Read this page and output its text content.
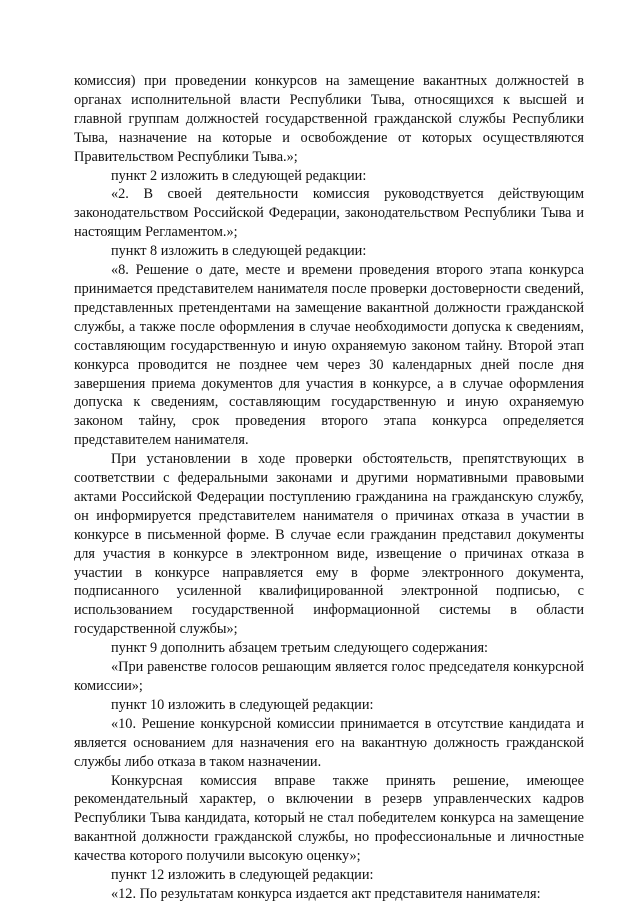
комиссия) при проведении конкурсов на замещение вакантных должностей в органах исполнительной власти Республики Тыва, относящихся к высшей и главной группам должностей государственной гражданской службы Республики Тыва, назначение на которые и освобождение от которых осуществляются Правительством Республики Тыва.»;

пункт 2 изложить в следующей редакции:

«2. В своей деятельности комиссия руководствуется действующим законодательством Российской Федерации, законодательством Республики Тыва и настоящим Регламентом.»;

пункт 8 изложить в следующей редакции:

«8. Решение о дате, месте и времени проведения второго этапа конкурса принимается представителем нанимателя после проверки достоверности сведений, представленных претендентами на замещение вакантной должности гражданской службы, а также после оформления в случае необходимости допуска к сведениям, составляющим государственную и иную охраняемую законом тайну. Второй этап конкурса проводится не позднее чем через 30 календарных дней после дня завершения приема документов для участия в конкурсе, а в случае оформления допуска к сведениям, составляющим государственную и иную охраняемую законом тайну, срок проведения второго этапа конкурса определяется представителем нанимателя.

При установлении в ходе проверки обстоятельств, препятствующих в соответствии с федеральными законами и другими нормативными правовыми актами Российской Федерации поступлению гражданина на гражданскую службу, он информируется представителем нанимателя о причинах отказа в участии в конкурсе в письменной форме. В случае если гражданин представил документы для участия в конкурсе в электронном виде, извещение о причинах отказа в участии в конкурсе направляется ему в форме электронного документа, подписанного усиленной квалифицированной электронной подписью, с использованием государственной информационной системы в области государственной службы»;

пункт 9 дополнить абзацем третьим следующего содержания:

«При равенстве голосов решающим является голос председателя конкурсной комиссии»;

пункт 10 изложить в следующей редакции:

«10. Решение конкурсной комиссии принимается в отсутствие кандидата и является основанием для назначения его на вакантную должность гражданской службы либо отказа в таком назначении.

Конкурсная комиссия вправе также принять решение, имеющее рекомендательный характер, о включении в резерв управленческих кадров Республики Тыва кандидата, который не стал победителем конкурса на замещение вакантной должности гражданской службы, но профессиональные и личностные качества которого получили высокую оценку»;

пункт 12 изложить в следующей редакции:

«12. По результатам конкурса издается акт представителя нанимателя:
